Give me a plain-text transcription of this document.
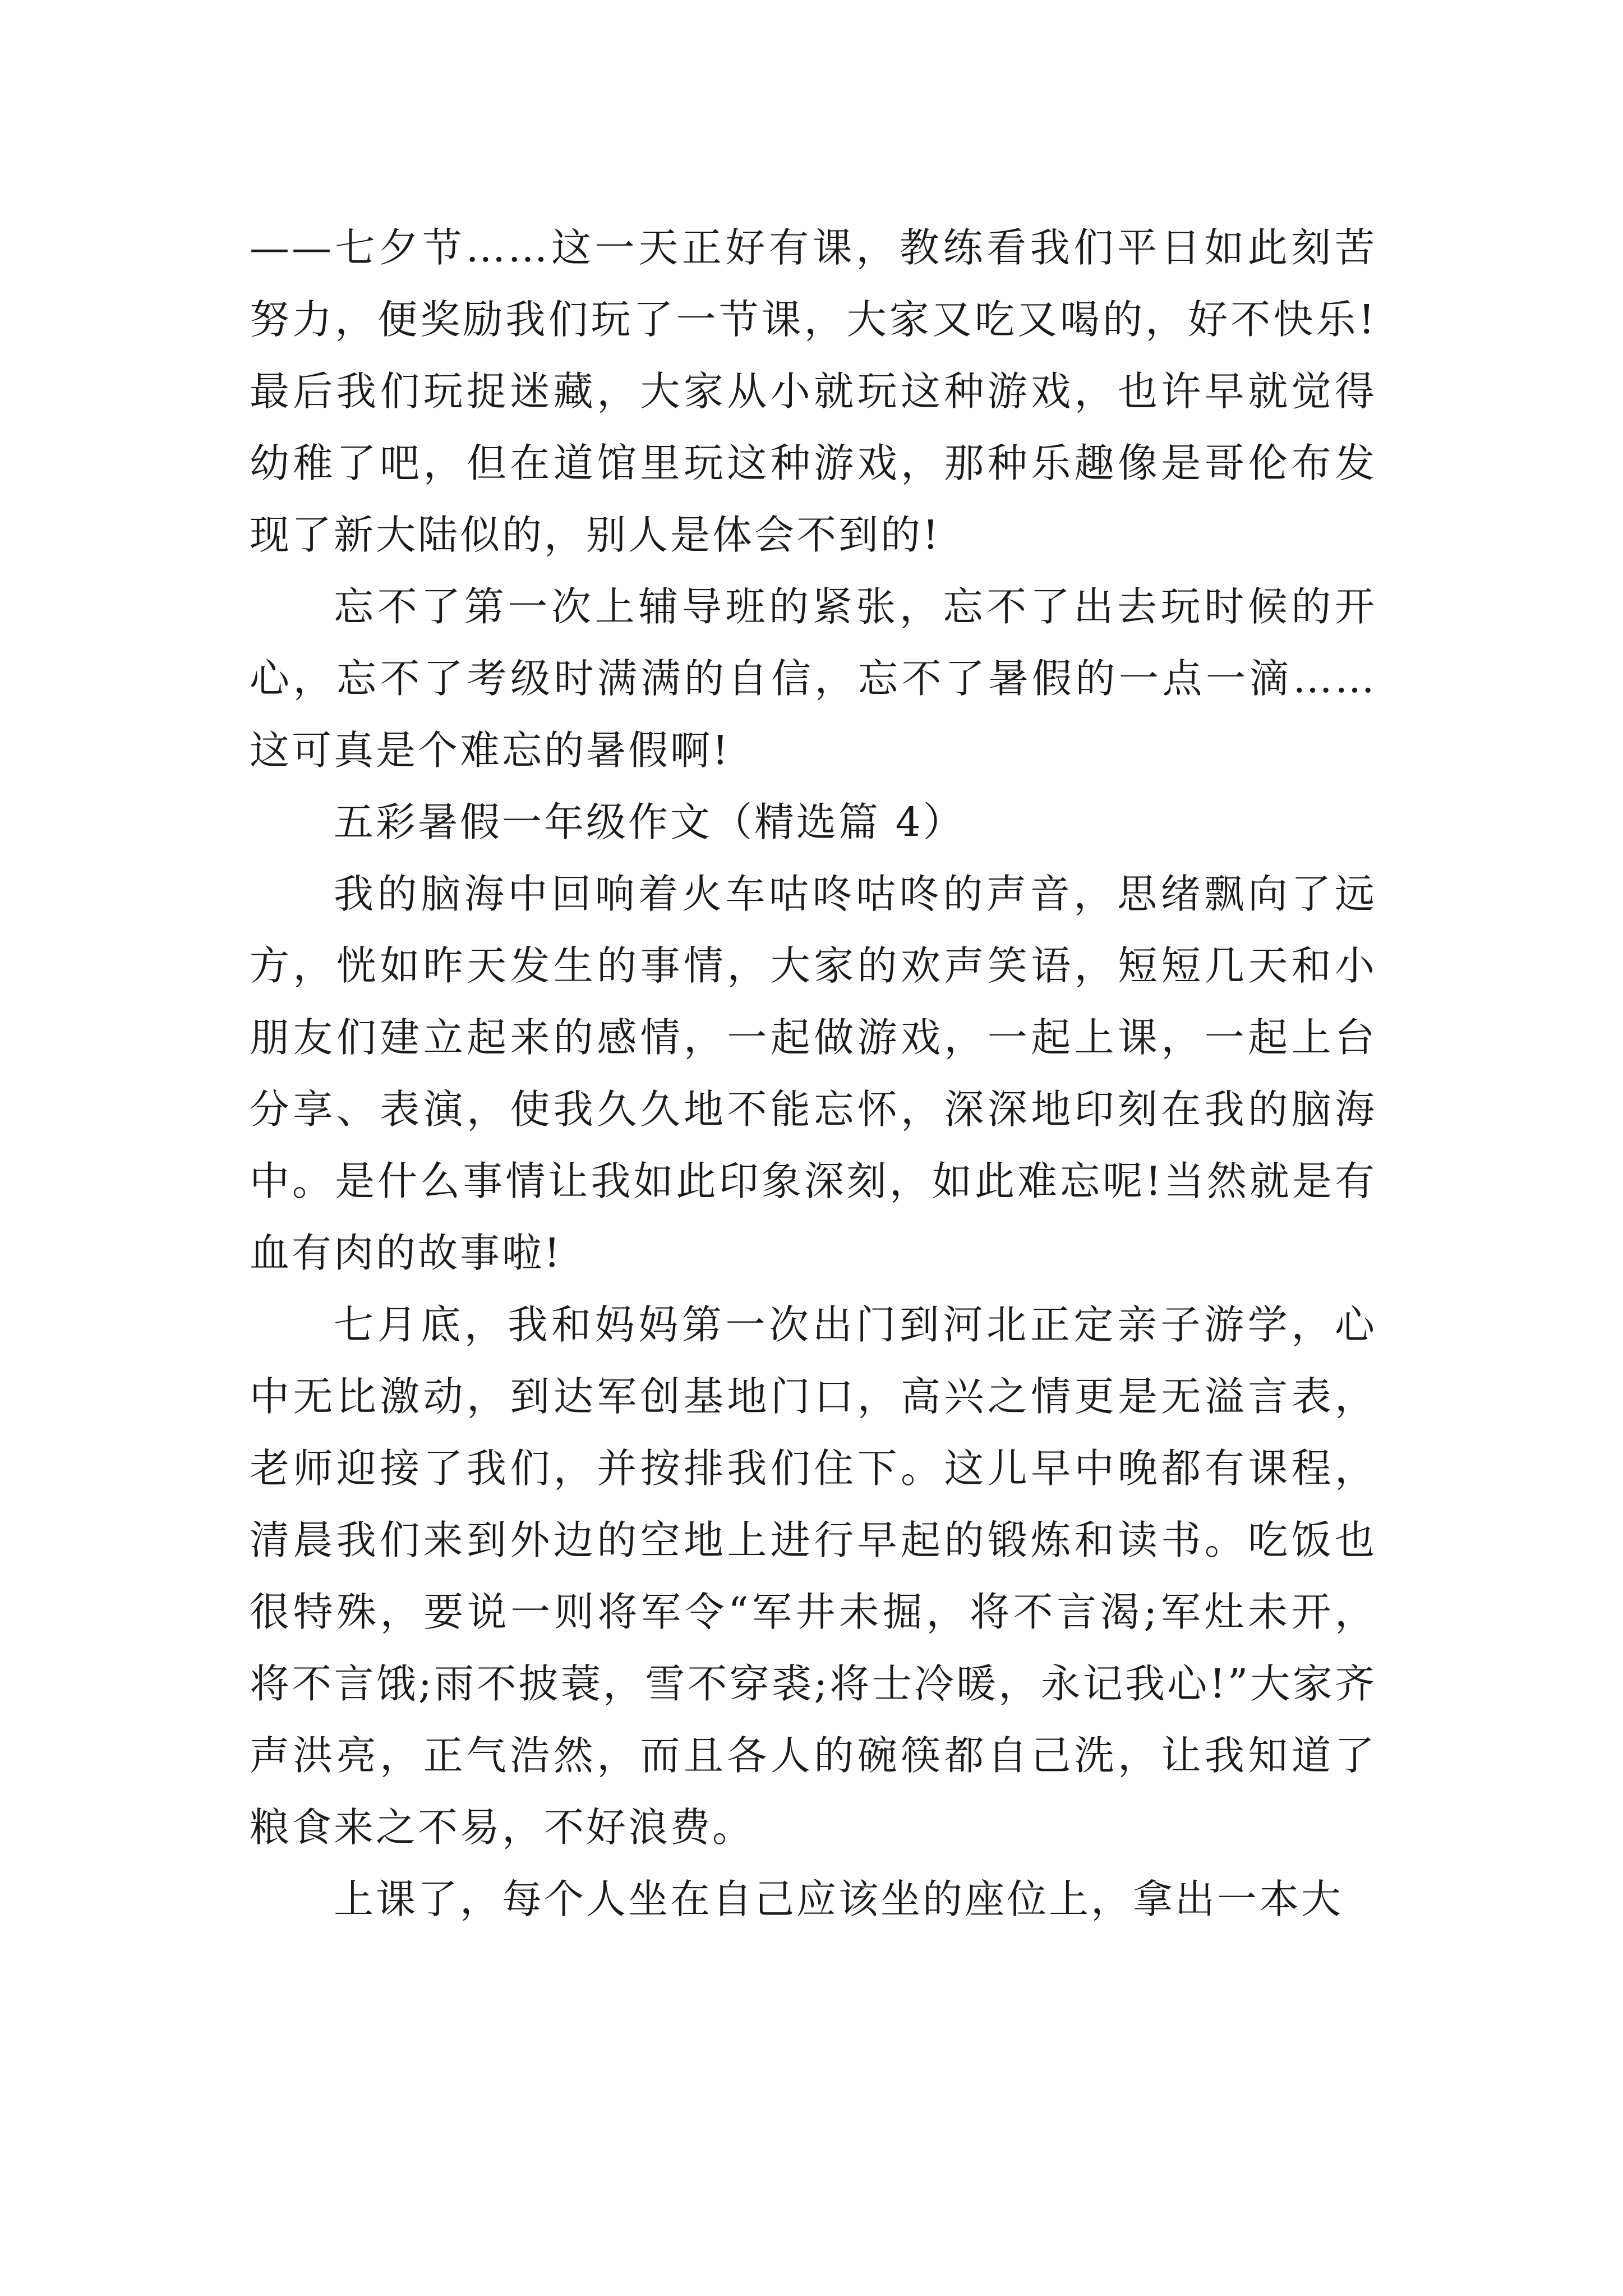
——七夕节……这一天正好有课，教练看我们平日如此刻苦努力，便奖励我们玩了一节课，大家又吃又喝的，好不快乐!最后我们玩捉迷藏，大家从小就玩这种游戏，也许早就觉得幼稚了吧，但在道馆里玩这种游戏，那种乐趣像是哥伦布发现了新大陆似的，别人是体会不到的!

忘不了第一次上辅导班的紧张，忘不了出去玩时候的开心，忘不了考级时满满的自信，忘不了暑假的一点一滴……这可真是个难忘的暑假啊!

五彩暑假一年级作文（精选篇 4）

我的脑海中回响着火车咕咚咕咚的声音，思绪飘向了远方，恍如昨天发生的事情，大家的欢声笑语，短短几天和小朋友们建立起来的感情，一起做游戏，一起上课，一起上台分享、表演，使我久久地不能忘怀，深深地印刻在我的脑海中。是什么事情让我如此印象深刻，如此难忘呢!当然就是有血有肉的故事啦!

七月底，我和妈妈第一次出门到河北正定亲子游学，心中无比激动，到达军创基地门口，高兴之情更是无溢言表，老师迎接了我们，并按排我们住下。这儿早中晚都有课程，清晨我们来到外边的空地上进行早起的锻炼和读书。吃饭也很特殊，要说一则将军令“军井未掘，将不言渴;军灶未开，将不言饿;雨不披蓑，雪不穿裘;将士冷暖，永记我心!”大家齐声洪亮，正气浩然，而且各人的碗筷都自己洗，让我知道了粮食来之不易，不好浪费。

上课了，每个人坐在自己应该坐的座位上，拿出一本大
